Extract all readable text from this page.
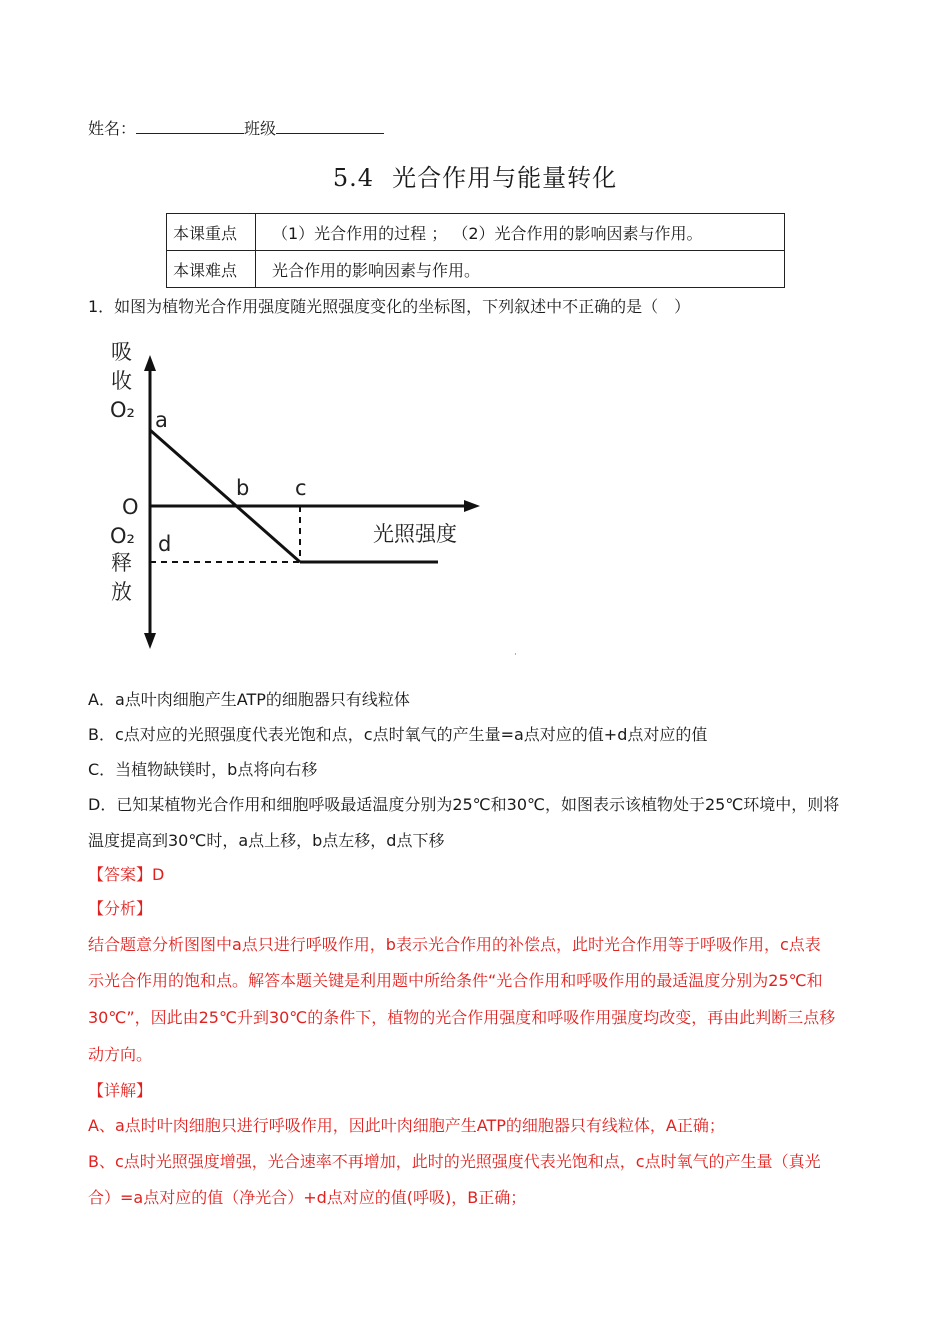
姓名：	班级
5.4 光合作用与能量转化
本课重点	（1）光合作用的过程 ； （2）光合作用的影响因素与作用。
本课难点	光合作用的影响因素与作用。
1．如图为植物光合作用强度随光照强度变化的坐标图，下列叙述中不正确的是（　）
吸
收
O₂
O
O₂
释
放
a
b c
d	光照强度
·
A．a点叶肉细胞产生ATP的细胞器只有线粒体
B．c点对应的光照强度代表光饱和点，c点时氧气的产生量=a点对应的值+d点对应的值
C．当植物缺镁时，b点将向右移
D．已知某植物光合作用和细胞呼吸最适温度分别为25℃和30℃，如图表示该植物处于25℃环境中，则将
温度提高到30℃时，a点上移，b点左移，d点下移
【答案】D
【分析】
结合题意分析图图中a点只进行呼吸作用，b表示光合作用的补偿点，此时光合作用等于呼吸作用，c点表
示光合作用的饱和点。解答本题关键是利用题中所给条件“光合作用和呼吸作用的最适温度分别为25℃和
30℃”，因此由25℃升到30℃的条件下，植物的光合作用强度和呼吸作用强度均改变，再由此判断三点移
动方向。
【详解】
A、a点时叶肉细胞只进行呼吸作用，因此叶肉细胞产生ATP的细胞器只有线粒体，A正确；
B、c点时光照强度增强，光合速率不再增加，此时的光照强度代表光饱和点，c点时氧气的产生量（真光
合）=a点对应的值（净光合）+d点对应的值(呼吸)，B正确；
